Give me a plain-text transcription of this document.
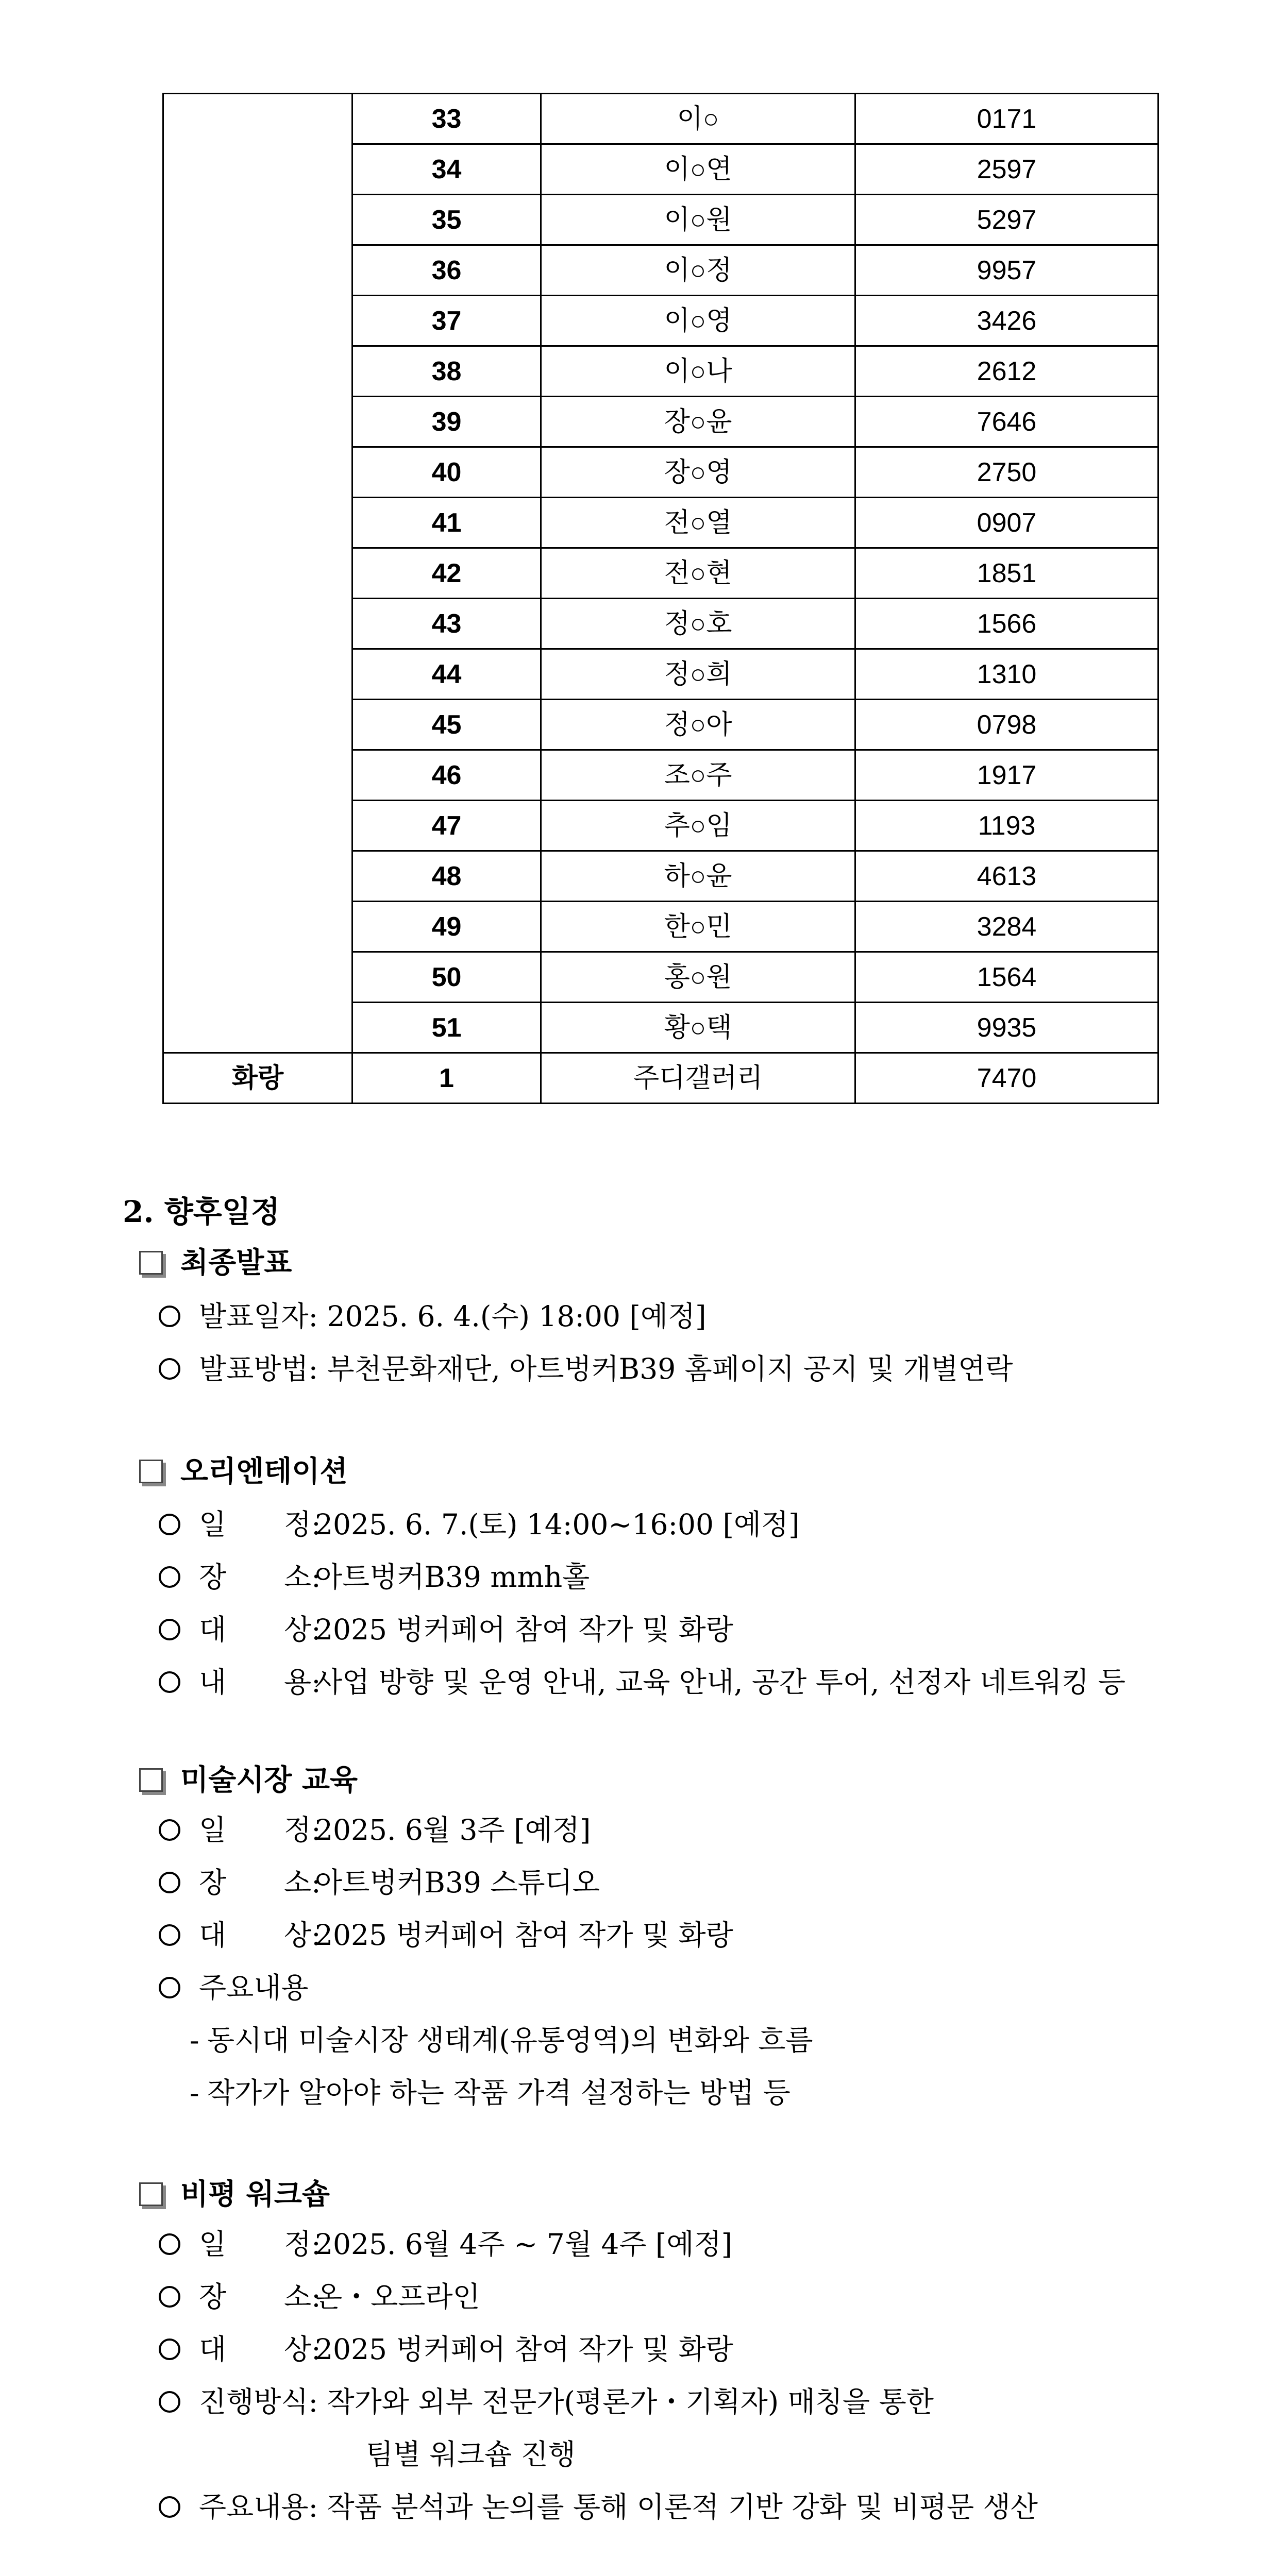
	33	이○	0171
	34	이○연	2597
	35	이○원	5297
	36	이○정	9957
	37	이○영	3426
	38	이○나	2612
	39	장○윤	7646
	40	장○영	2750
	41	전○열	0907
	42	전○현	1851
	43	정○호	1566
	44	정○희	1310
	45	정○아	0798
	46	조○주	1917
	47	추○임	1193
	48	하○윤	4613
	49	한○민	3284
	50	홍○원	1564
	51	황○택	9935
화랑	1	주디갤러리	7470
2. 향후일정
최종발표
발표일자: 2025. 6. 4.(수) 18:00 [예정]
발표방법: 부천문화재단, 아트벙커B39 홈페이지 공지 및 개별연락
오리엔테이션
일 정:2025. 6. 7.(토) 14:00~16:00 [예정]
장 소:아트벙커B39 mmh홀
대 상:2025 벙커페어 참여 작가 및 화랑
내 용:사업 방향 및 운영 안내, 교육 안내, 공간 투어, 선정자 네트워킹 등
미술시장 교육
일 정:2025. 6월 3주 [예정]
장 소:아트벙커B39 스튜디오
대 상:2025 벙커페어 참여 작가 및 화랑
주요내용
- 동시대 미술시장 생태계(유통영역)의 변화와 흐름
- 작가가 알아야 하는 작품 가격 설정하는 방법 등
비평 워크숍
일 정:2025. 6월 4주 ~ 7월 4주 [예정]
장 소:온・오프라인
대 상:2025 벙커페어 참여 작가 및 화랑
진행방식: 작가와 외부 전문가(평론가・기획자) 매칭을 통한
팀별 워크숍 진행
주요내용: 작품 분석과 논의를 통해 이론적 기반 강화 및 비평문 생산
